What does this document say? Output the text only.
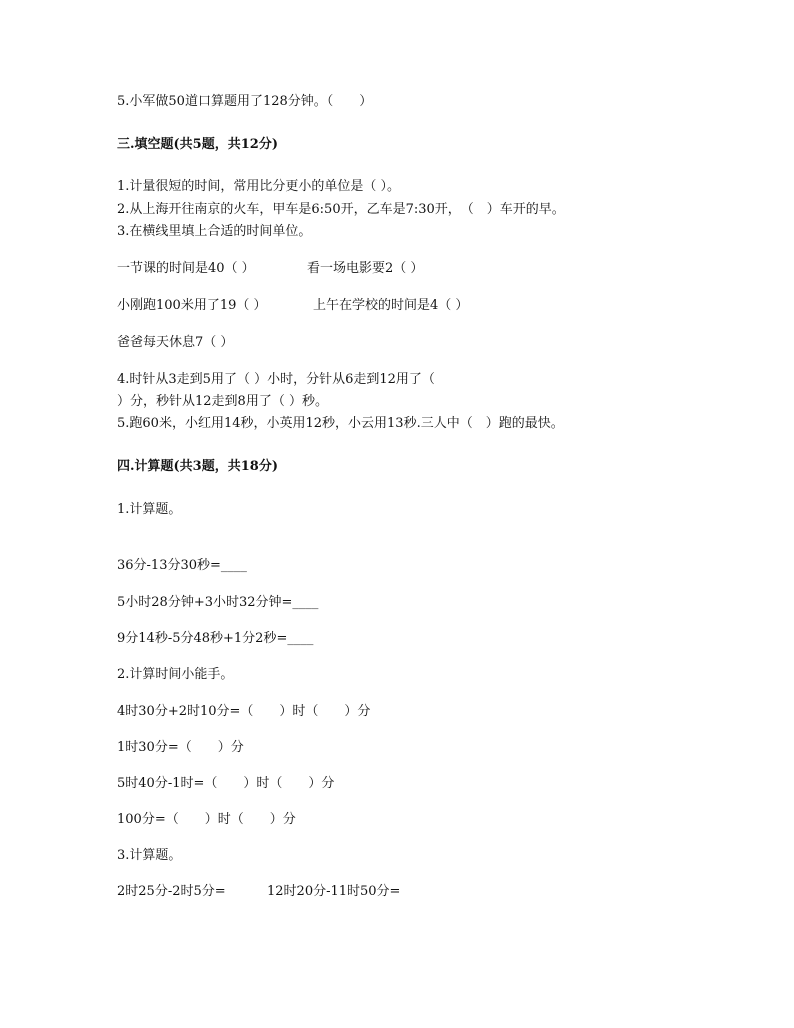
5.小军做50道口算题用了128分钟。（　　）
三.填空题(共5题，共12分)
1.计量很短的时间，常用比分更小的单位是（ ）。
2.从上海开往南京的火车，甲车是6:50开，乙车是7:30开，　（　）车开的早。
3.在横线里填上合适的时间单位。
一节课的时间是40（ ）	看一场电影要2（ ）
小刚跑100米用了19（ ）	上午在学校的时间是4（ ）
爸爸每天休息7（ ）
4.时针从3走到5用了（ ）小时，分针从6走到12用了（
）分，秒针从12走到8用了（ ）秒。
5.跑60米，小红用14秒，小英用12秒，小云用13秒.三人中（　）跑的最快。
四.计算题(共3题，共18分)
1.计算题。
36分-13分30秒=____
5小时28分钟+3小时32分钟=____
9分14秒-5分48秒+1分2秒=____
2.计算时间小能手。
4时30分+2时10分=（　　）时（　　）分
1时30分=（　　）分
5时40分-1时=（　　）时（　　）分
100分=（　　）时（　　）分
3.计算题。
2时25分-2时5分=	12时20分-11时50分=
